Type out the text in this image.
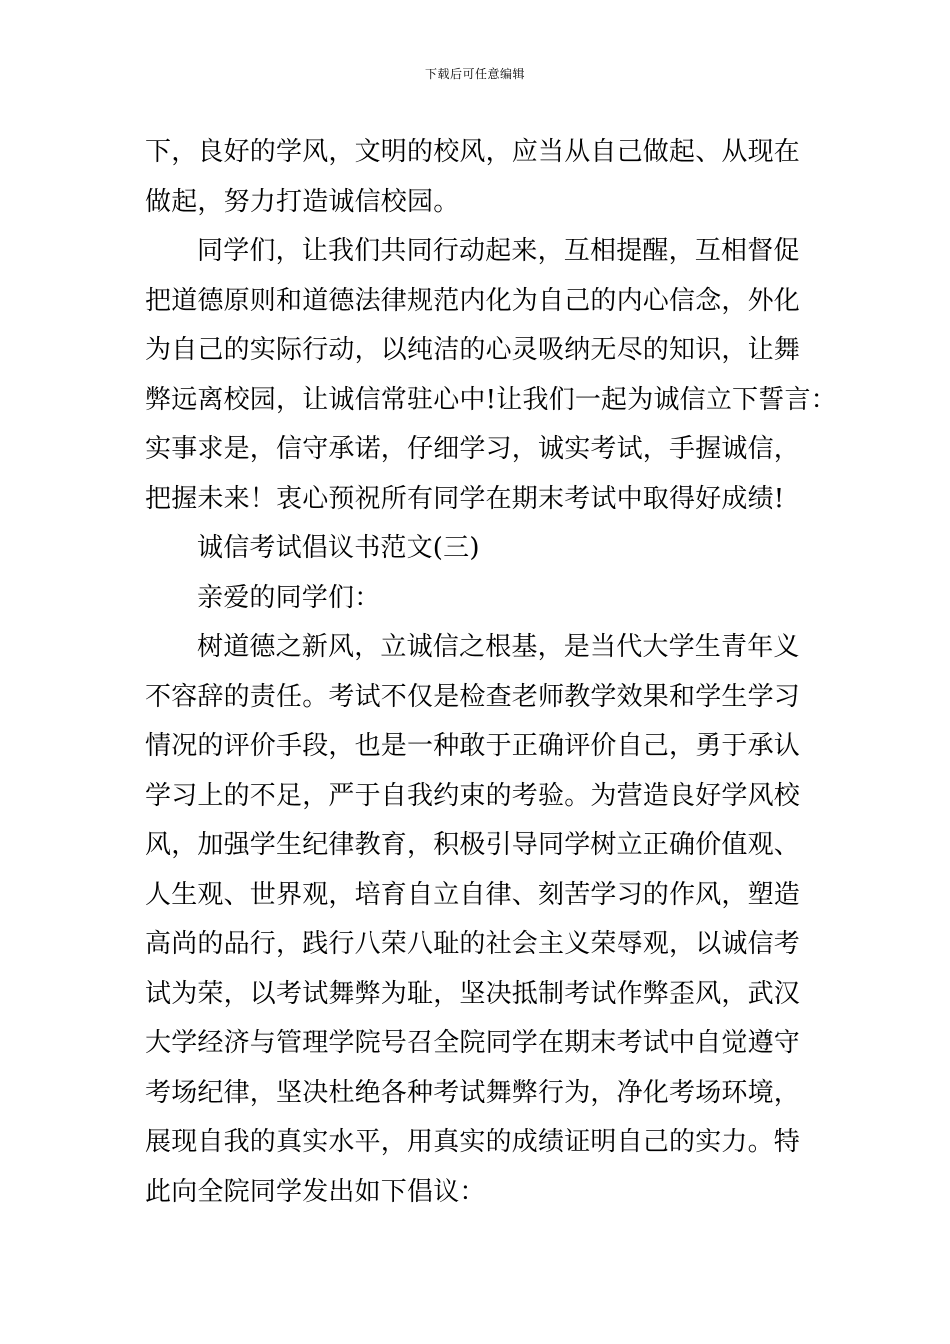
下载后可任意编辑
下，良好的学风，文明的校风，应当从自己做起、从现在
做起，努力打造诚信校园。
同学们，让我们共同行动起来，互相提醒，互相督促
把道德原则和道德法律规范内化为自己的内心信念，外化
为自己的实际行动，以纯洁的心灵吸纳无尽的知识，让舞
弊远离校园，让诚信常驻心中!让我们一起为诚信立下誓言：
实事求是，信守承诺，仔细学习，诚实考试，手握诚信，
把握未来！衷心预祝所有同学在期末考试中取得好成绩!
诚信考试倡议书范文(三)
亲爱的同学们：
树道德之新风，立诚信之根基，是当代大学生青年义
不容辞的责任。考试不仅是检查老师教学效果和学生学习
情况的评价手段，也是一种敢于正确评价自己，勇于承认
学习上的不足，严于自我约束的考验。为营造良好学风校
风，加强学生纪律教育，积极引导同学树立正确价值观、
人生观、世界观，培育自立自律、刻苦学习的作风，塑造
高尚的品行，践行八荣八耻的社会主义荣辱观，以诚信考
试为荣，以考试舞弊为耻，坚决抵制考试作弊歪风，武汉
大学经济与管理学院号召全院同学在期末考试中自觉遵守
考场纪律，坚决杜绝各种考试舞弊行为，净化考场环境，
展现自我的真实水平，用真实的成绩证明自己的实力。特
此向全院同学发出如下倡议：
